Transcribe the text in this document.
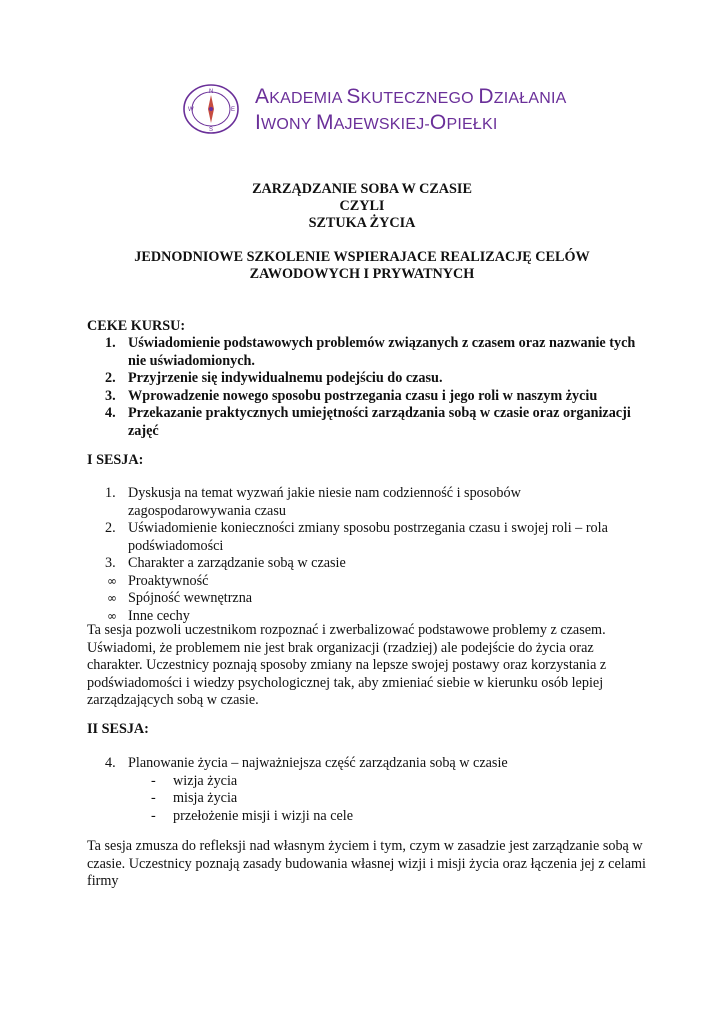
N
E
S
W
AKADEMIA SKUTECZNEGO DZIAŁANIA
IWONY MAJEWSKIEJ-OPIEŁKI
ZARZĄDZANIE SOBA W CZASIE
CZYLI
SZTUKA ŻYCIA
JEDNODNIOWE SZKOLENIE WSPIERAJACE REALIZACJĘ CELÓW
ZAWODOWYCH I PRYWATNYCH
CEKE KURSU:
1. Uświadomienie podstawowych problemów związanych z czasem oraz nazwanie tych nie uświadomionych.
2. Przyjrzenie się indywidualnemu podejściu do czasu.
3. Wprowadzenie nowego sposobu postrzegania czasu i jego roli w naszym życiu
4. Przekazanie praktycznych umiejętności zarządzania sobą w czasie oraz organizacji zajęć
I SESJA:
1. Dyskusja na temat wyzwań jakie niesie nam codzienność i sposobów zagospodarowywania czasu
2. Uświadomienie konieczności zmiany sposobu postrzegania czasu i swojej roli – rola podświadomości
3. Charakter a zarządzanie sobą w czasie
∞ Proaktywność
∞ Spójność wewnętrzna
∞ Inne cechy
Ta sesja pozwoli uczestnikom rozpoznać i zwerbalizować podstawowe problemy z czasem. Uświadomi, że problemem nie jest brak organizacji (rzadziej) ale podejście do życia oraz charakter. Uczestnicy poznają sposoby zmiany na lepsze swojej postawy oraz korzystania z podświadomości i wiedzy psychologicznej tak, aby zmieniać siebie w kierunku osób lepiej zarządzających sobą w czasie.
II SESJA:
4. Planowanie życia – najważniejsza część zarządzania sobą w czasie
- wizja życia
- misja życia
- przełożenie misji i wizji na cele
Ta sesja zmusza do refleksji nad własnym życiem i tym, czym w zasadzie jest zarządzanie sobą w czasie. Uczestnicy poznają zasady budowania własnej wizji i misji życia oraz łączenia jej z celami firmy
